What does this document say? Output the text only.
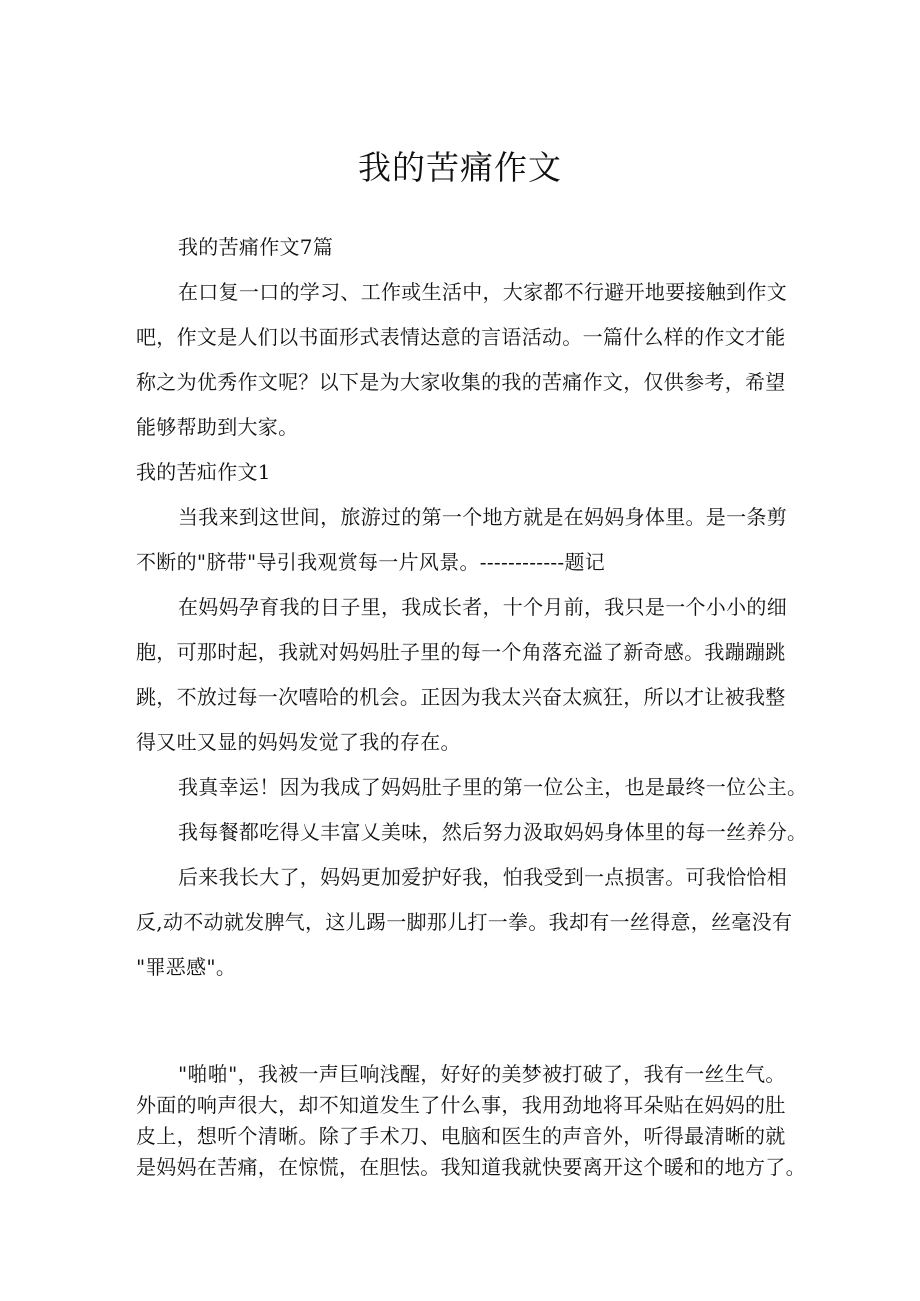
我的苦痛作文
我的苦痛作文7篇
在口复一口的学习、工作或生活中，大家都不行避开地要接触到作文
吧，作文是人们以书面形式表情达意的言语活动。一篇什么样的作文才能
称之为优秀作文呢？以下是为大家收集的我的苦痛作文，仅供参考，希望
能够帮助到大家。
我的苦疝作文1
当我来到这世间，旅游过的第一个地方就是在妈妈身体里。是一条剪
不断的"脐带"导引我观赏每一片风景。------------题记
在妈妈孕育我的日子里，我成长者，十个月前，我只是一个小小的细
胞，可那时起，我就对妈妈肚子里的每一个角落充溢了新奇感。我蹦蹦跳
跳，不放过每一次嘻哈的机会。正因为我太兴奋太疯狂，所以才让被我整
得又吐又显的妈妈发觉了我的存在。
我真幸运！因为我成了妈妈肚子里的第一位公主，也是最终一位公主。
我每餐都吃得乂丰富乂美味，然后努力汲取妈妈身体里的每一丝养分。
后来我长大了，妈妈更加爱护好我，怕我受到一点损害。可我恰恰相
反,动不动就发脾气，这儿踢一脚那儿打一拳。我却有一丝得意，丝毫没有
"罪恶感"。
"啪啪"，我被一声巨响浅醒，好好的美梦被打破了，我有一丝生气。
外面的响声很大，却不知道发生了什么事，我用劲地将耳朵贴在妈妈的肚
皮上，想听个清晰。除了手术刀、电脑和医生的声音外，听得最清晰的就
是妈妈在苦痛，在惊慌，在胆怯。我知道我就快要离开这个暖和的地方了。
